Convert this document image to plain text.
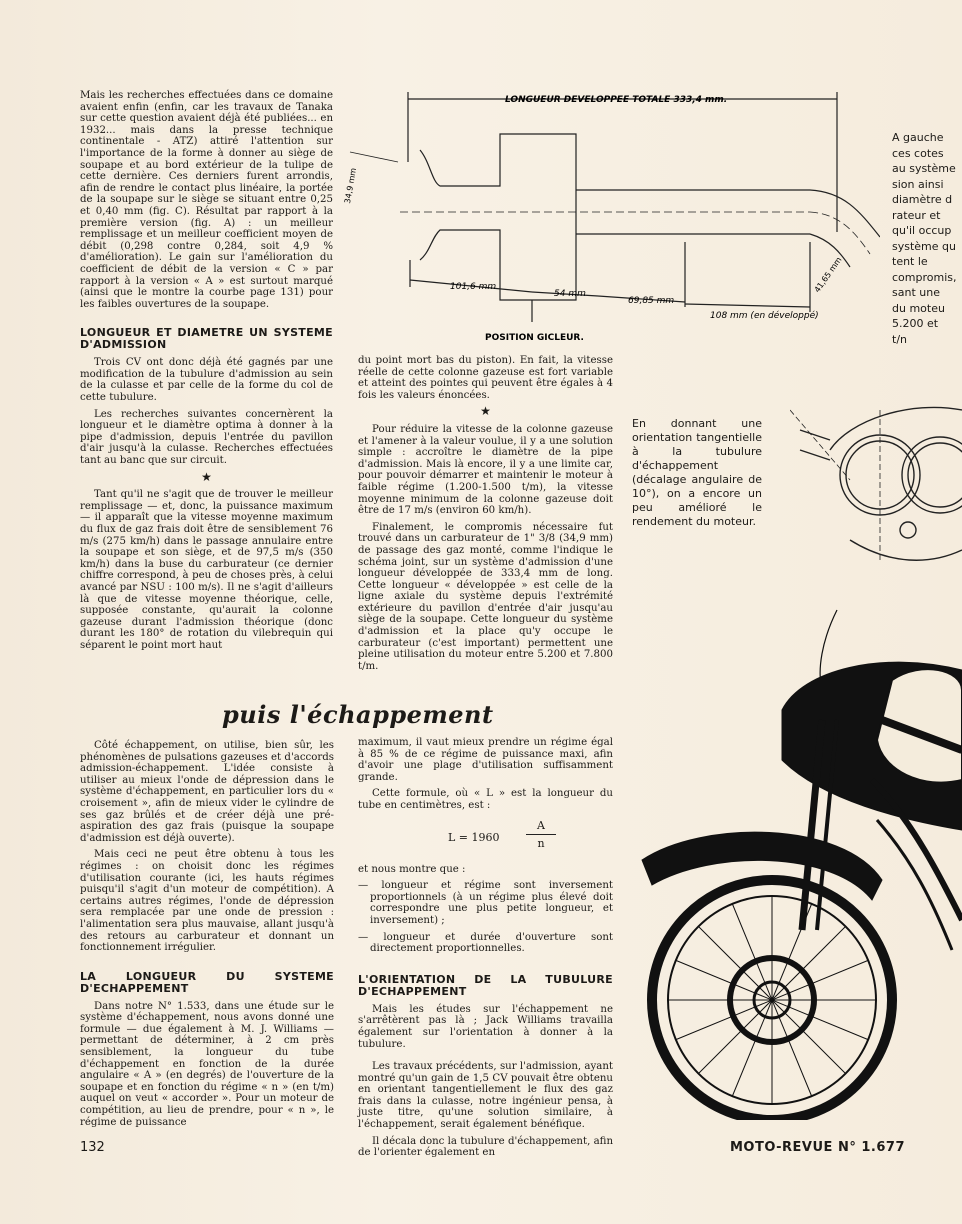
Mais les recherches effectuées dans ce domaine avaient enfin (enfin, car les travaux de Tanaka sur cette question avaient déjà été publiées... en 1932... mais dans la presse technique continentale - ATZ) attiré l'attention sur l'importance de la forme à donner au siège de soupape et au bord extérieur de la tulipe de cette dernière. Ces derniers furent arrondis, afin de rendre le contact plus linéaire, la portée de la soupape sur le siège se situant entre 0,25 et 0,40 mm (fig. C). Résultat par rapport à la première version (fig. A) : un meilleur remplissage et un meilleur coefficient moyen de débit (0,298 contre 0,284, soit 4,9 % d'amélioration). Le gain sur l'amélioration du coefficient de débit de la version « C » par rapport à la version « A » est surtout marqué (ainsi que le montre la courbe page 131) pour les faibles ouvertures de la soupape.

LONGUEUR ET DIAMETRE UN SYSTEME D'ADMISSION

Trois CV ont donc déjà été gagnés par une modification de la tubulure d'admission au sein de la culasse et par celle de la forme du col de cette tubulure.

Les recherches suivantes concernèrent la longueur et le diamètre optima à donner à la pipe d'admission, depuis l'entrée du pavillon d'air jusqu'à la culasse. Recherches effectuées tant au banc que sur circuit.

★

Tant qu'il ne s'agit que de trouver le meilleur remplissage — et, donc, la puissance maximum — il apparaît que la vitesse moyenne maximum du flux de gaz frais doit être de sensiblement 76 m/s (275 km/h) dans le passage annulaire entre la soupape et son siège, et de 97,5 m/s (350 km/h) dans la buse du carburateur (ce dernier chiffre correspond, à peu de choses près, à celui avancé par NSU : 100 m/s). Il ne s'agit d'ailleurs là que de vitesse moyenne théorique, celle, supposée constante, qu'aurait la colonne gazeuse durant l'admission théorique (donc durant les 180° de rotation du vilebrequin qui séparent le point mort haut

LONGUEUR DEVELOPPEE TOTALE 333,4 mm.
34,9 mm
101,6 mm
54 mm
69,85 mm
108 mm (en développé)
41,65 mm
POSITION GICLEUR.
A gauche
ces cotes
au système
sion ainsi
diamètre d
rateur et
qu'il occup
système qu
tent le
compromis,
sant une
du moteu
5.200 et
t/n

du point mort bas du piston). En fait, la vitesse réelle de cette colonne gazeuse est fort variable et atteint des pointes qui peuvent être égales à 4 fois les valeurs énoncées.

★

Pour réduire la vitesse de la colonne gazeuse et l'amener à la valeur voulue, il y a une solution simple : accroître le diamètre de la pipe d'admission. Mais là encore, il y a une limite car, pour pouvoir démarrer et maintenir le moteur à faible régime (1.200-1.500 t/m), la vitesse moyenne minimum de la colonne gazeuse doit être de 17 m/s (environ 60 km/h).

Finalement, le compromis nécessaire fut trouvé dans un carburateur de 1" 3/8 (34,9 mm) de passage des gaz monté, comme l'indique le schéma joint, sur un système d'admission d'une longueur développée de 333,4 mm de long. Cette longueur « développée » est celle de la ligne axiale du système depuis l'extrémité extérieure du pavillon d'entrée d'air jusqu'au siège de la soupape. Cette longueur du système d'admission et la place qu'y occupe le carburateur (c'est important) permettent une pleine utilisation du moteur entre 5.200 et 7.800 t/m.

En donnant une orientation tangentielle à la tubulure d'échappement (décalage angulaire de 10°), on a encore un peu amélioré le rendement du moteur.
puis l'échappement

Côté échappement, on utilise, bien sûr, les phénomènes de pulsations gazeuses et d'accords admission-échappement. L'idée consiste à utiliser au mieux l'onde de dépression dans le système d'échappement, en particulier lors du « croisement », afin de mieux vider le cylindre de ses gaz brûlés et de créer déjà une pré-aspiration des gaz frais (puisque la soupape d'admission est déjà ouverte).

Mais ceci ne peut être obtenu à tous les régimes : on choisit donc les régimes d'utilisation courante (ici, les hauts régimes puisqu'il s'agit d'un moteur de compétition). A certains autres régimes, l'onde de dépression sera remplacée par une onde de pression : l'alimentation sera plus mauvaise, allant jusqu'à des retours au carburateur et donnant un fonctionnement irrégulier.

LA LONGUEUR DU SYSTEME D'ECHAPPEMENT

Dans notre N° 1.533, dans une étude sur le système d'échappement, nous avons donné une formule — due également à M. J. Williams — permettant de déterminer, à 2 cm près sensiblement, la longueur du tube d'échappement en fonction de la durée angulaire « A » (en degrés) de l'ouverture de la soupape et en fonction du régime « n » (en t/m) auquel on veut « accorder ». Pour un moteur de compétition, au lieu de prendre, pour « n », le régime de puissance

maximum, il vaut mieux prendre un régime égal à 85 % de ce régime de puissance maxi, afin d'avoir une plage d'utilisation suffisamment grande.

Cette formule, où « L » est la longueur du tube en centimètres, est :

L = 1960
A
n

et nous montre que :

— longueur et régime sont inversement proportionnels (à un régime plus élevé doit correspondre une plus petite longueur, et inversement) ;

— longueur et durée d'ouverture sont directement proportionnelles.

L'ORIENTATION DE LA TUBULURE D'ECHAPPEMENT

Mais les études sur l'échappement ne s'arrêtèrent pas là ; Jack Williams travailla également sur l'orientation à donner à la tubulure.

Les travaux précédents, sur l'admission, ayant montré qu'un gain de 1,5 CV pouvait être obtenu en orientant tangentiellement le flux des gaz frais dans la culasse, notre ingénieur pensa, à juste titre, qu'une solution similaire, à l'échappement, serait également bénéfique.

Il décala donc la tubulure d'échappement, afin de l'orienter également en

132	MOTO-REVUE N° 1.677
